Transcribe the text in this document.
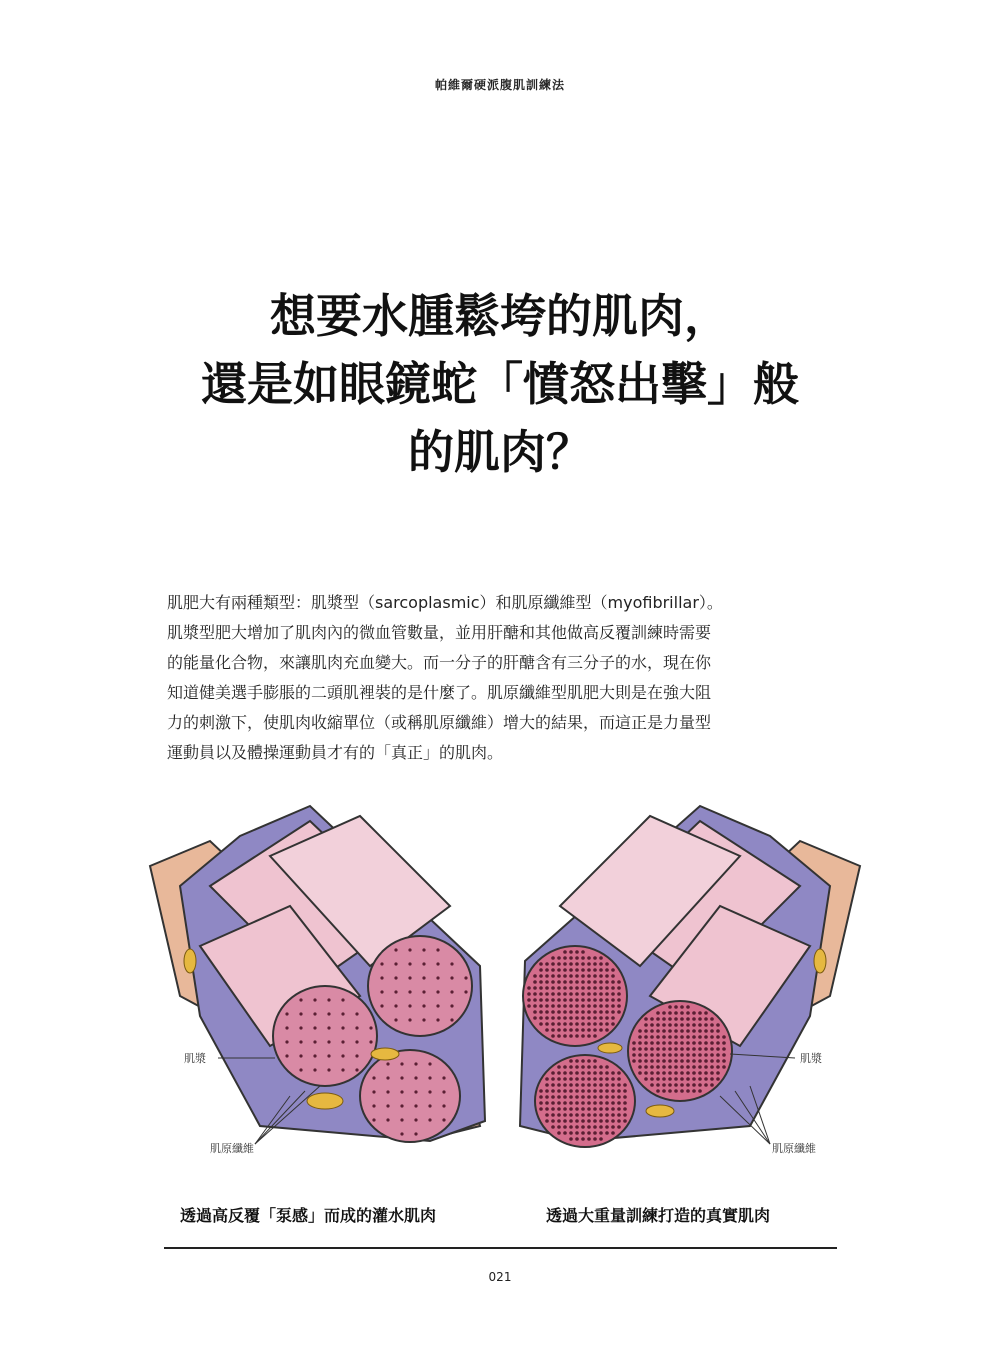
帕維爾硬派腹肌訓練法
想要水腫鬆垮的肌肉，
還是如眼鏡蛇「憤怒出擊」般
的肌肉？

肌肥大有兩種類型：肌漿型（sarcoplasmic）和肌原纖維型（myofibrillar）。

肌漿型肥大增加了肌肉內的微血管數量，並用肝醣和其他做高反覆訓練時需要

的能量化合物，來讓肌肉充血變大。而一分子的肝醣含有三分子的水，現在你

知道健美選手膨脹的二頭肌裡裝的是什麼了。肌原纖維型肌肥大則是在強大阻

力的刺激下，使肌肉收縮單位（或稱肌原纖維）增大的結果，而這正是力量型

運動員以及體操運動員才有的「真正」的肌肉。

肌漿
肌原纖維
肌漿
肌原纖維
透過高反覆「泵感」而成的灌水肌肉	透過大重量訓練打造的真實肌肉
021
